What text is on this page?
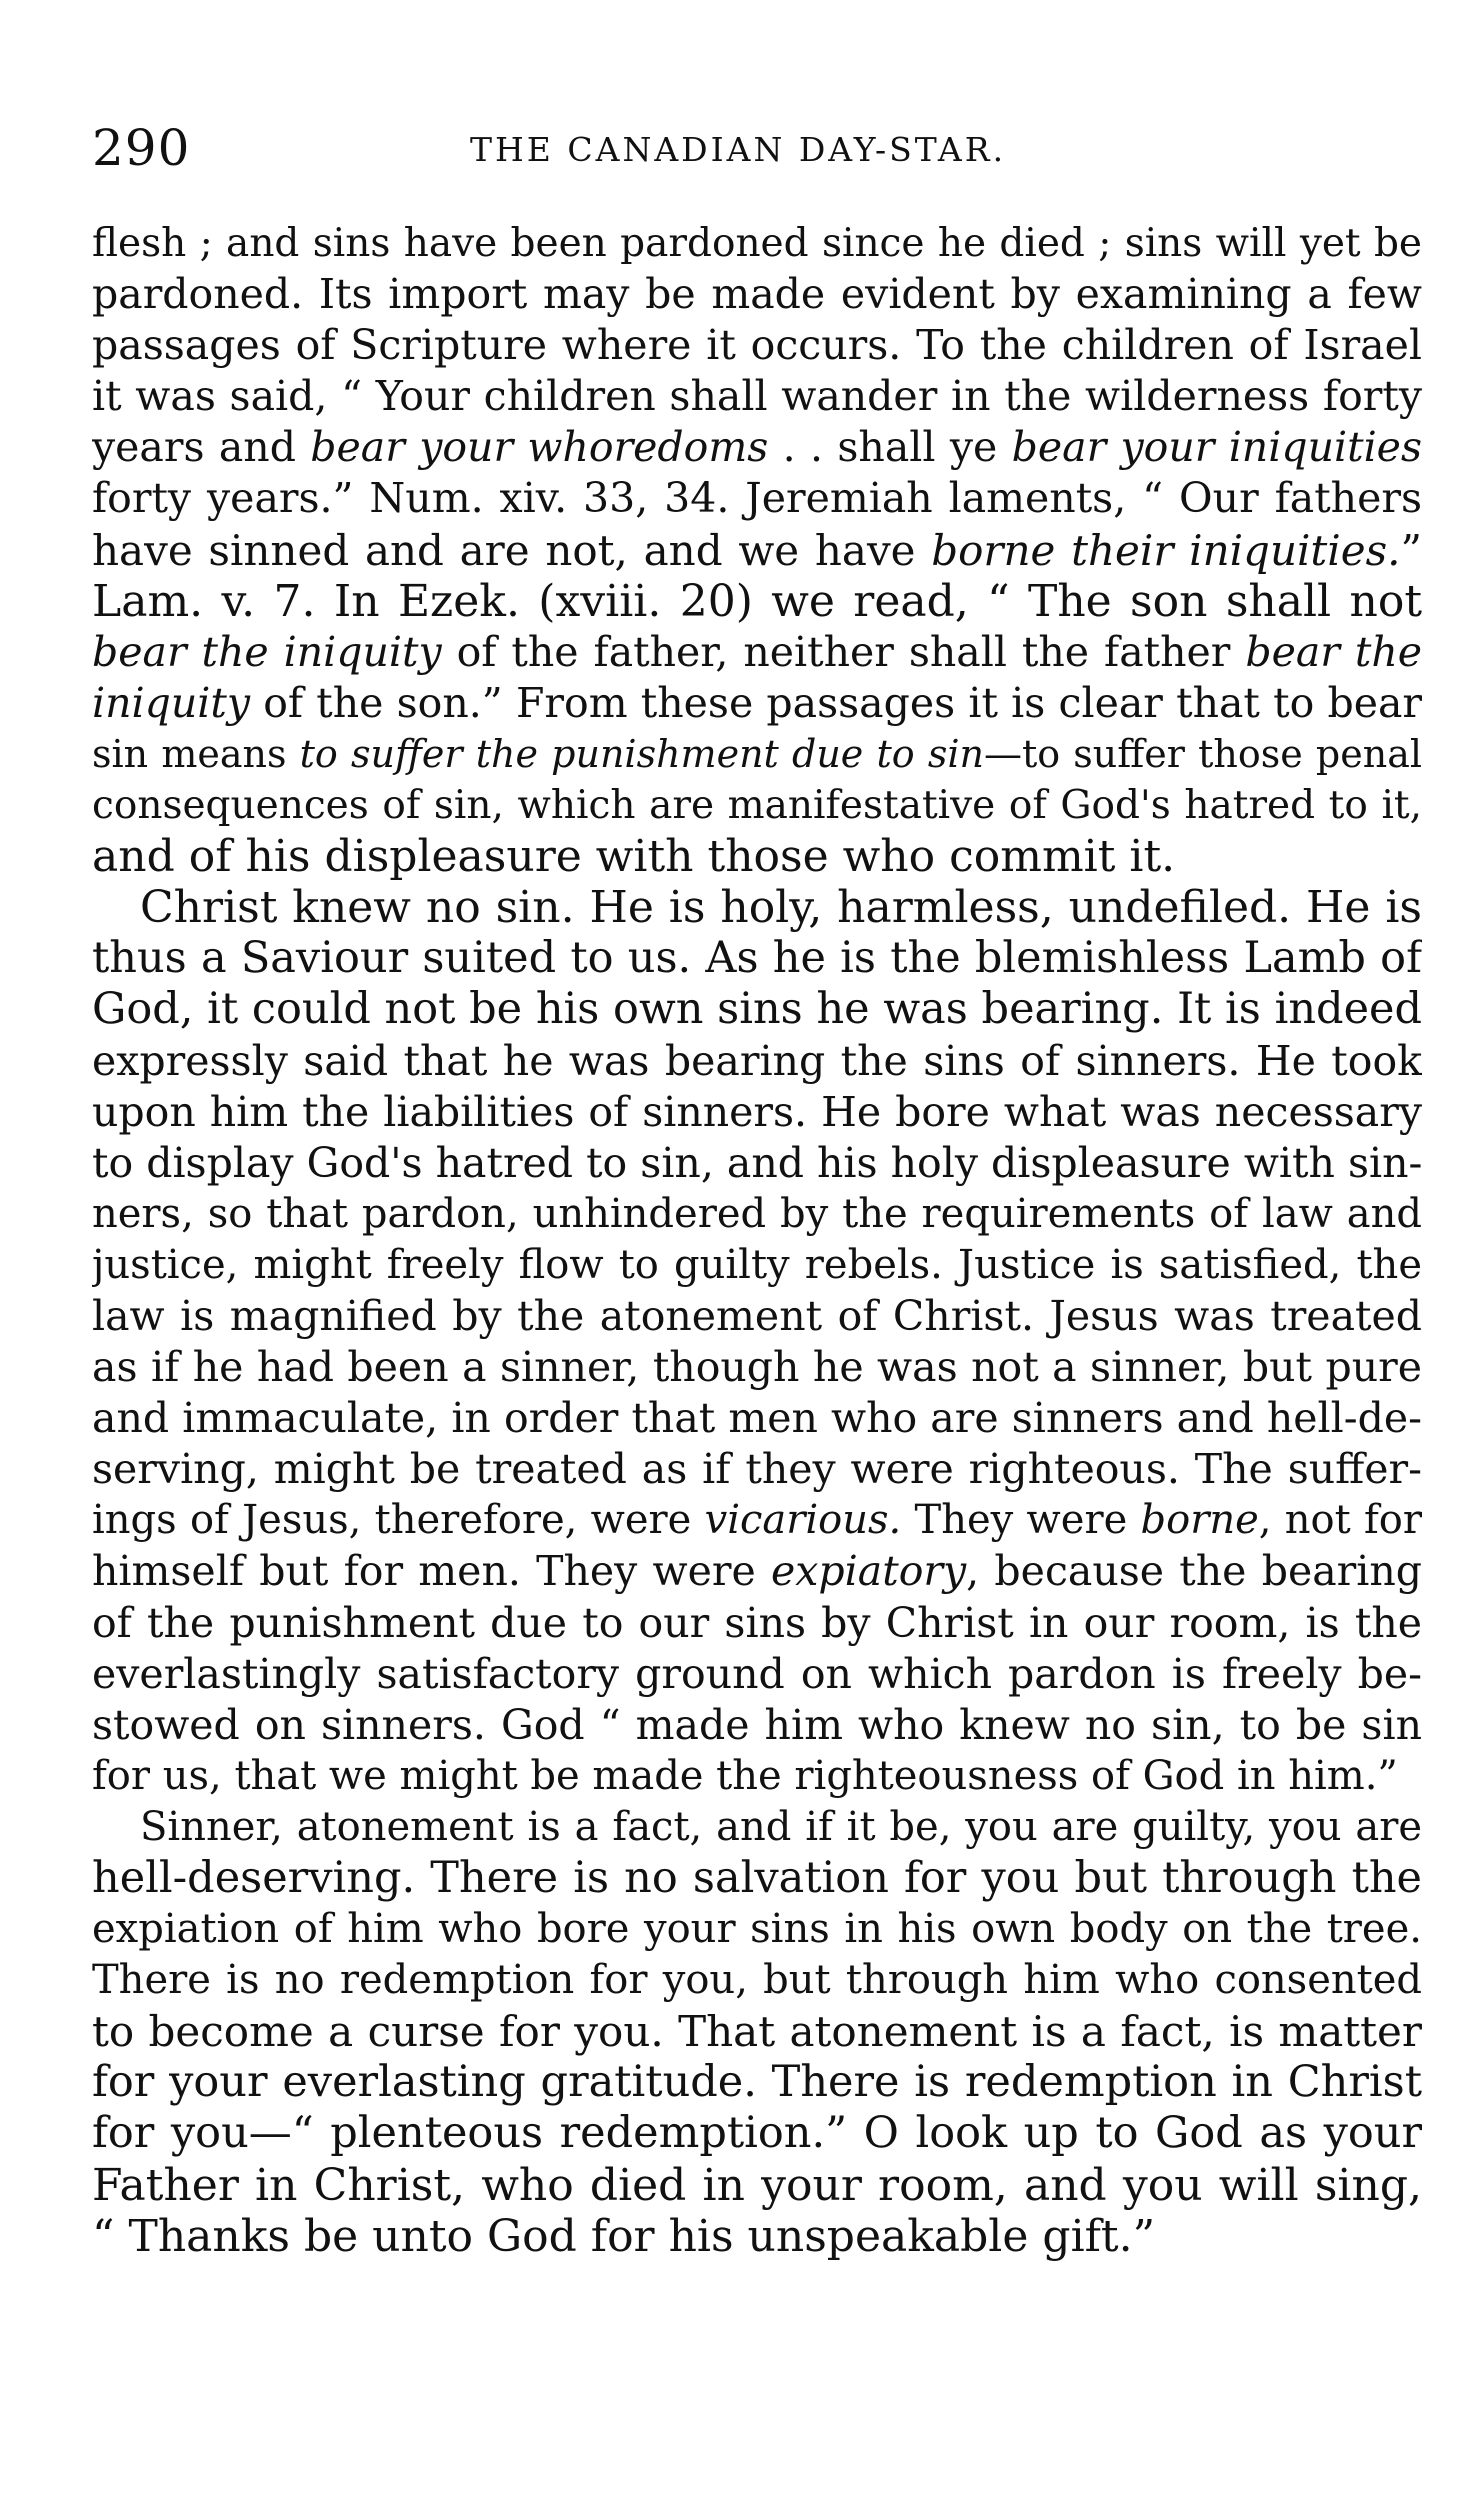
290	THE CANADIAN DAY-STAR.
flesh ; and sins have been pardoned since he died ; sins will yet be
pardoned. Its import may be made evident by examining a few
passages of Scripture where it occurs. To the children of Israel
it was said, “ Your children shall wander in the wilderness forty
years and bear your whoredoms . . shall ye bear your iniquities
forty years.” Num. xiv. 33, 34. Jeremiah laments, “ Our fathers
have sinned and are not, and we have borne their iniquities.”
Lam. v. 7. In Ezek. (xviii. 20) we read, “ The son shall not
bear the iniquity of the father, neither shall the father bear the
iniquity of the son.” From these passages it is clear that to bear
sin means to suffer the punishment due to sin—to suffer those penal
consequences of sin, which are manifestative of God's hatred to it,
and of his displeasure with those who commit it.
Christ knew no sin. He is holy, harmless, undefiled. He is
thus a Saviour suited to us. As he is the blemishless Lamb of
God, it could not be his own sins he was bearing. It is indeed
expressly said that he was bearing the sins of sinners. He took
upon him the liabilities of sinners. He bore what was necessary
to display God's hatred to sin, and his holy displeasure with sin-
ners, so that pardon, unhindered by the requirements of law and
justice, might freely flow to guilty rebels. Justice is satisfied, the
law is magnified by the atonement of Christ. Jesus was treated
as if he had been a sinner, though he was not a sinner, but pure
and immaculate, in order that men who are sinners and hell-de-
serving, might be treated as if they were righteous. The suffer-
ings of Jesus, therefore, were vicarious. They were borne, not for
himself but for men. They were expiatory, because the bearing
of the punishment due to our sins by Christ in our room, is the
everlastingly satisfactory ground on which pardon is freely be-
stowed on sinners. God “ made him who knew no sin, to be sin
for us, that we might be made the righteousness of God in him.”
Sinner, atonement is a fact, and if it be, you are guilty, you are
hell-deserving. There is no salvation for you but through the
expiation of him who bore your sins in his own body on the tree.
There is no redemption for you, but through him who consented
to become a curse for you. That atonement is a fact, is matter
for your everlasting gratitude. There is redemption in Christ
for you—“ plenteous redemption.” O look up to God as your
Father in Christ, who died in your room, and you will sing,
“ Thanks be unto God for his unspeakable gift.”
